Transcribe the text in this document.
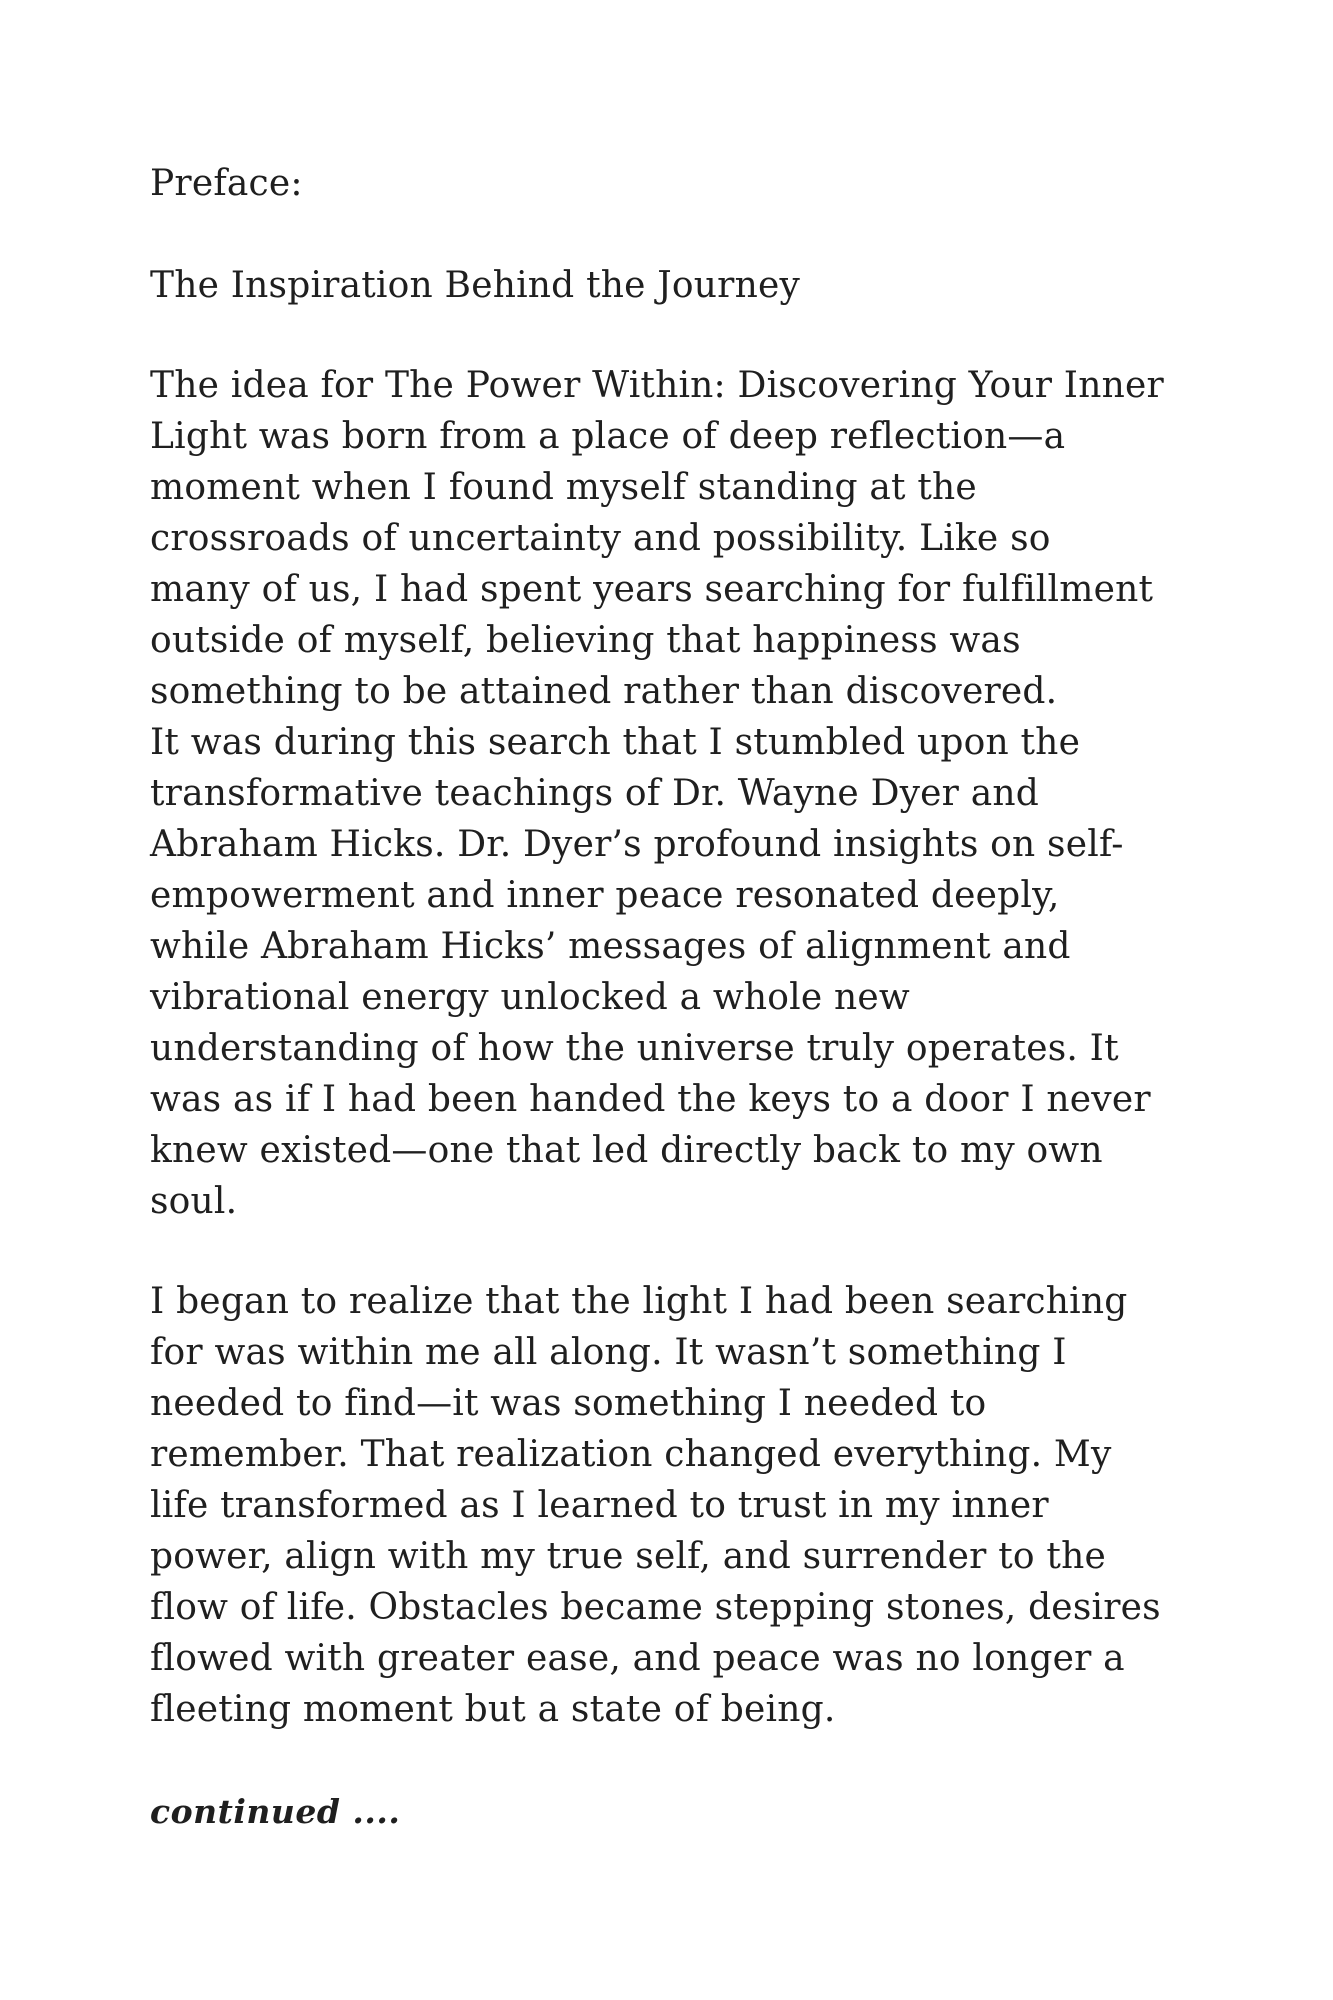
Preface:
The Inspiration Behind the Journey
The idea for The Power Within: Discovering Your Inner
Light was born from a place of deep reflection—a
moment when I found myself standing at the
crossroads of uncertainty and possibility. Like so
many of us, I had spent years searching for fulfillment
outside of myself, believing that happiness was
something to be attained rather than discovered.
It was during this search that I stumbled upon the
transformative teachings of Dr. Wayne Dyer and
Abraham Hicks. Dr. Dyer’s profound insights on self-
empowerment and inner peace resonated deeply,
while Abraham Hicks’ messages of alignment and
vibrational energy unlocked a whole new
understanding of how the universe truly operates. It
was as if I had been handed the keys to a door I never
knew existed—one that led directly back to my own
soul.
I began to realize that the light I had been searching
for was within me all along. It wasn’t something I
needed to find—it was something I needed to
remember. That realization changed everything. My
life transformed as I learned to trust in my inner
power, align with my true self, and surrender to the
flow of life. Obstacles became stepping stones, desires
flowed with greater ease, and peace was no longer a
fleeting moment but a state of being.
continued ....
